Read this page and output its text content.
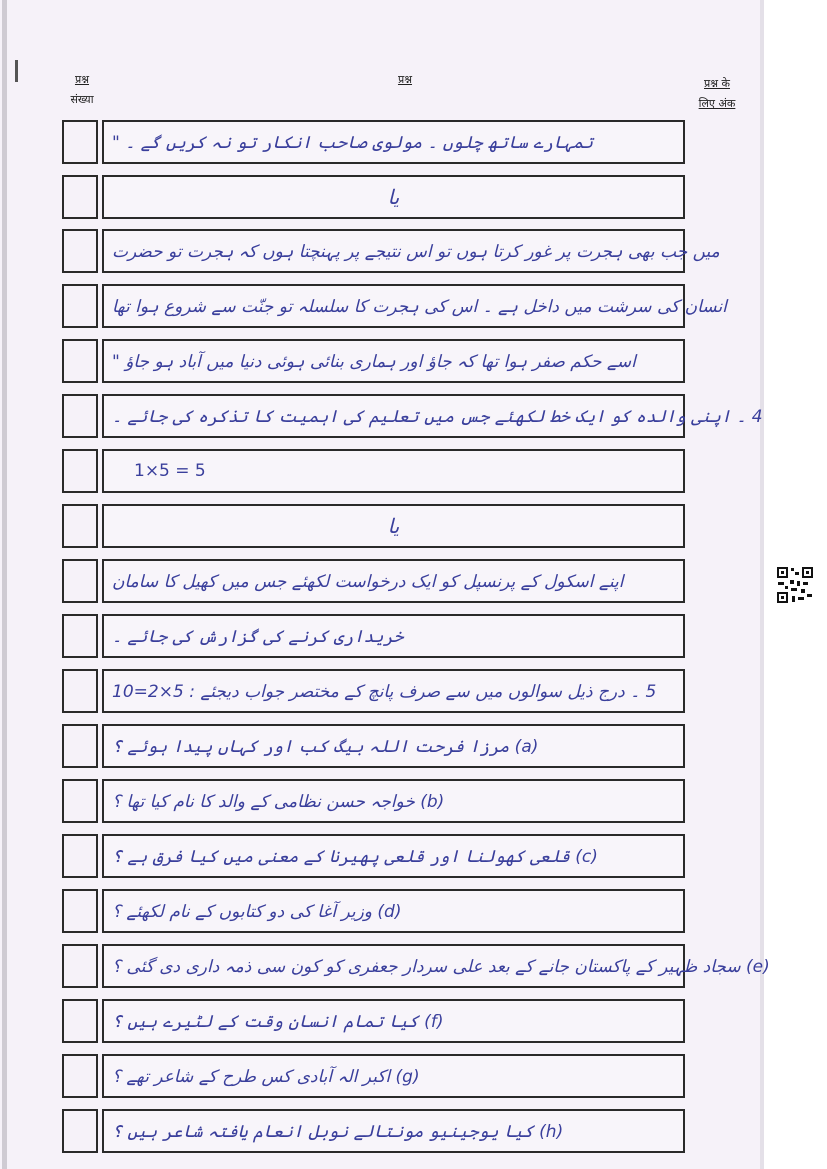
प्रश्न
संख्या
प्रश्न	प्रश्न के
लिए अंक
تمہارے ساتھ چلوں ۔ مولوی صاحب انکار تو نہ کریں گے ۔ "
یا
میں جب بھی ہجرت پر غور کرتا ہوں تو اس نتیجے پر پہنچتا ہوں کہ ہجرت تو حضرت
انسان کی سرشت میں داخل ہے ۔ اس کی ہجرت کا سلسلہ تو جنّت سے شروع ہوا تھا
اسے حکم صفر ہوا تھا کہ جاؤ اور ہماری بنائی ہوئی دنیا میں آباد ہو جاؤ "
4 ۔ اپنی والدہ کو ایک خط لکھئے جس میں تعلیم کی اہمیت کا تذکرہ کی جائے ۔
1×5 = 5
یا
اپنے اسکول کے پرنسپل کو ایک درخواست لکھئے جس میں کھیل کا سامان
خریداری کرنے کی گزارش کی جائے ۔
5 ۔ درج ذیل سوالوں میں سے صرف پانچ کے مختصر جواب دیجئے : 5×2=10
(a) مرزا فرحت اللہ بیگ کب اور کہاں پیدا ہوئے ؟
(b) خواجہ حسن نظامی کے والد کا نام کیا تھا ؟
(c) قلعی کھولنا اور قلعی پھیرنا کے معنی میں کیا فرق ہے ؟
(d) وزیر آغا کی دو کتابوں کے نام لکھئے ؟
(e) سجاد ظہیر کے پاکستان جانے کے بعد علی سردار جعفری کو کون سی ذمہ داری دی گئی ؟
(f) کیا تمام انسان وقت کے لٹیرے ہیں ؟
(g) اکبر الہ آبادی کس طرح کے شاعر تھے ؟
(h) کیا یوجینیو مونتالے نوبل انعام یافتہ شاعر ہیں ؟
